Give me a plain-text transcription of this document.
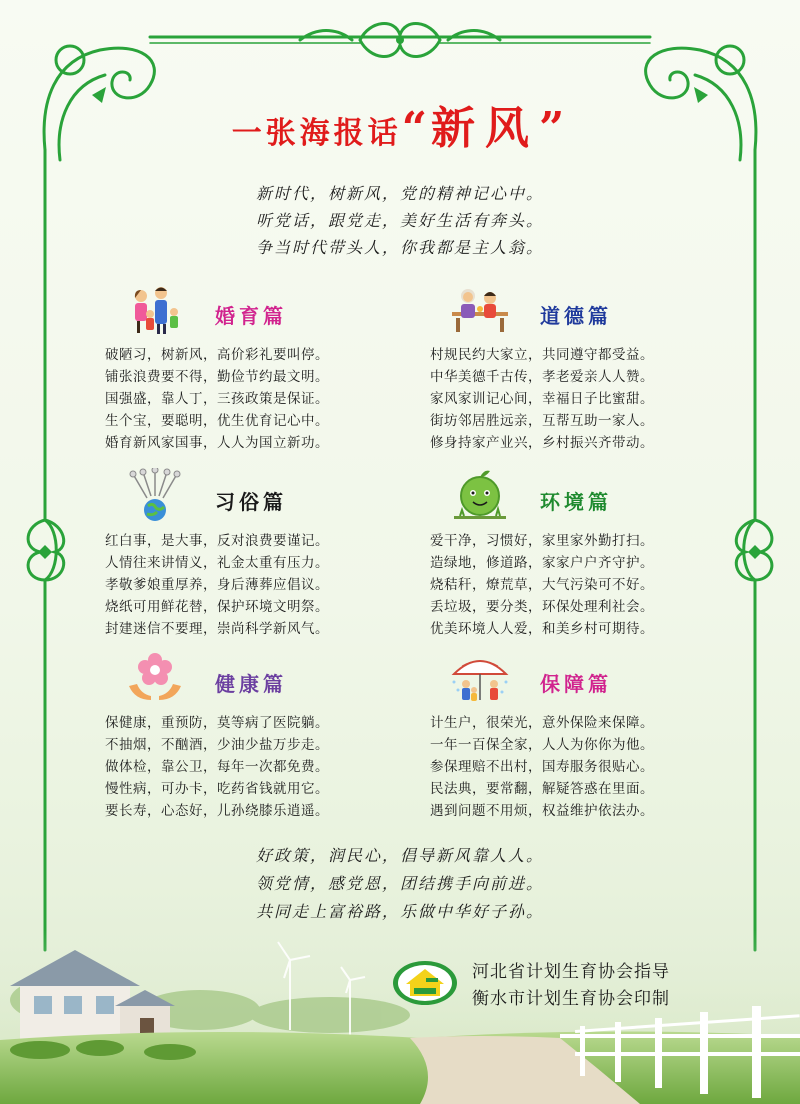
一张海报话“新风”
新时代，树新风，党的精神记心中。
听党话，跟党走，美好生活有奔头。
争当时代带头人，你我都是主人翁。
婚育篇
破陋习，树新风，高价彩礼要叫停。
铺张浪费要不得，勤俭节约最文明。
国强盛，靠人丁，三孩政策是保证。
生个宝，要聪明，优生优育记心中。
婚育新风家国事，人人为国立新功。
道德篇
村规民约大家立，共同遵守都受益。
中华美德千古传，孝老爱亲人人赞。
家风家训记心间，幸福日子比蜜甜。
街坊邻居胜远亲，互帮互助一家人。
修身持家产业兴，乡村振兴齐带动。
习俗篇
红白事，是大事，反对浪费要谨记。
人情往来讲情义，礼金太重有压力。
孝敬爹娘重厚养，身后薄葬应倡议。
烧纸可用鲜花替，保护环境文明祭。
封建迷信不要理，崇尚科学新风气。
环境篇
爱干净，习惯好，家里家外勤打扫。
造绿地，修道路，家家户户齐守护。
烧秸秆，燎荒草，大气污染可不好。
丢垃圾，要分类，环保处理利社会。
优美环境人人爱，和美乡村可期待。
健康篇
保健康，重预防，莫等病了医院躺。
不抽烟，不酗酒，少油少盐万步走。
做体检，靠公卫，每年一次都免费。
慢性病，可办卡，吃药省钱就用它。
要长寿，心态好，儿孙绕膝乐逍遥。
保障篇
计生户，很荣光，意外保险来保障。
一年一百保全家，人人为你你为他。
参保理赔不出村，国寿服务很贴心。
民法典，要常翻，解疑答惑在里面。
遇到问题不用烦，权益维护依法办。
好政策，润民心，倡导新风靠人人。
领党情，感党恩，团结携手向前进。
共同走上富裕路，乐做中华好子孙。
河北省计划生育协会指导
衡水市计划生育协会印制
